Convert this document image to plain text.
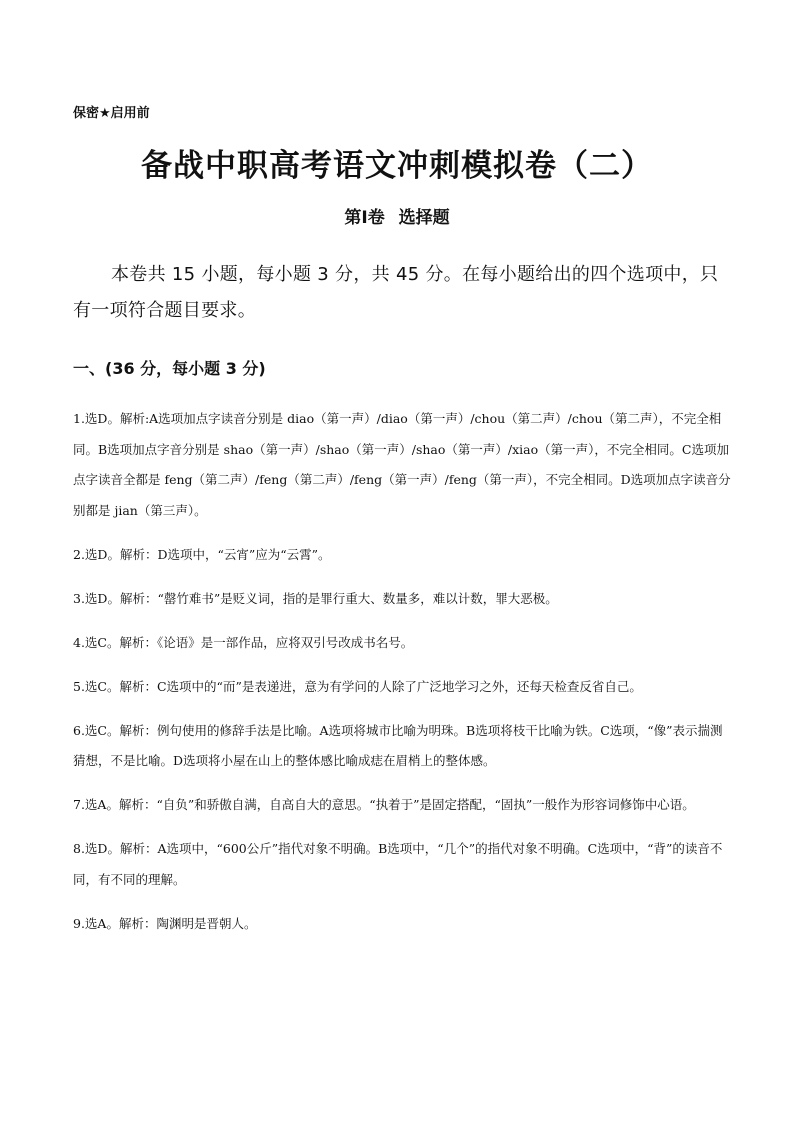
保密★启用前
备战中职高考语文冲刺模拟卷（二）
第Ⅰ卷 选择题
本卷共 15 小题，每小题 3 分，共 45 分。在每小题给出的四个选项中，只有一项符合题目要求。
一、(36 分，每小题 3 分)

1.选D。解析:A选项加点字读音分别是 diao（第一声）/diao（第一声）/chou（第二声）/chou（第二声），不完全相同。B选项加点字音分别是 shao（第一声）/shao（第一声）/shao（第一声）/xiao（第一声），不完全相同。C选项加点字读音全都是 feng（第二声）/feng（第二声）/feng（第一声）/feng（第一声），不完全相同。D选项加点字读音分别都是 jian（第三声）。

2.选D。解析：D选项中，“云宵”应为“云霄”。

3.选D。解析：“罄竹难书”是贬义词，指的是罪行重大、数量多，难以计数，罪大恶极。

4.选C。解析：《论语》是一部作品，应将双引号改成书名号。

5.选C。解析：C选项中的“而”是表递进，意为有学问的人除了广泛地学习之外，还每天检查反省自己。

6.选C。解析：例句使用的修辞手法是比喻。A选项将城市比喻为明珠。B选项将枝干比喻为铁。C选项，“像”表示揣测猜想，不是比喻。D选项将小屋在山上的整体感比喻成痣在眉梢上的整体感。

7.选A。解析：“自负”和骄傲自满，自高自大的意思。“执着于”是固定搭配，“固执”一般作为形容词修饰中心语。

8.选D。解析：A选项中，“600公斤”指代对象不明确。B选项中，“几个”的指代对象不明确。C选项中，“背”的读音不同，有不同的理解。

9.选A。解析：陶渊明是晋朝人。
